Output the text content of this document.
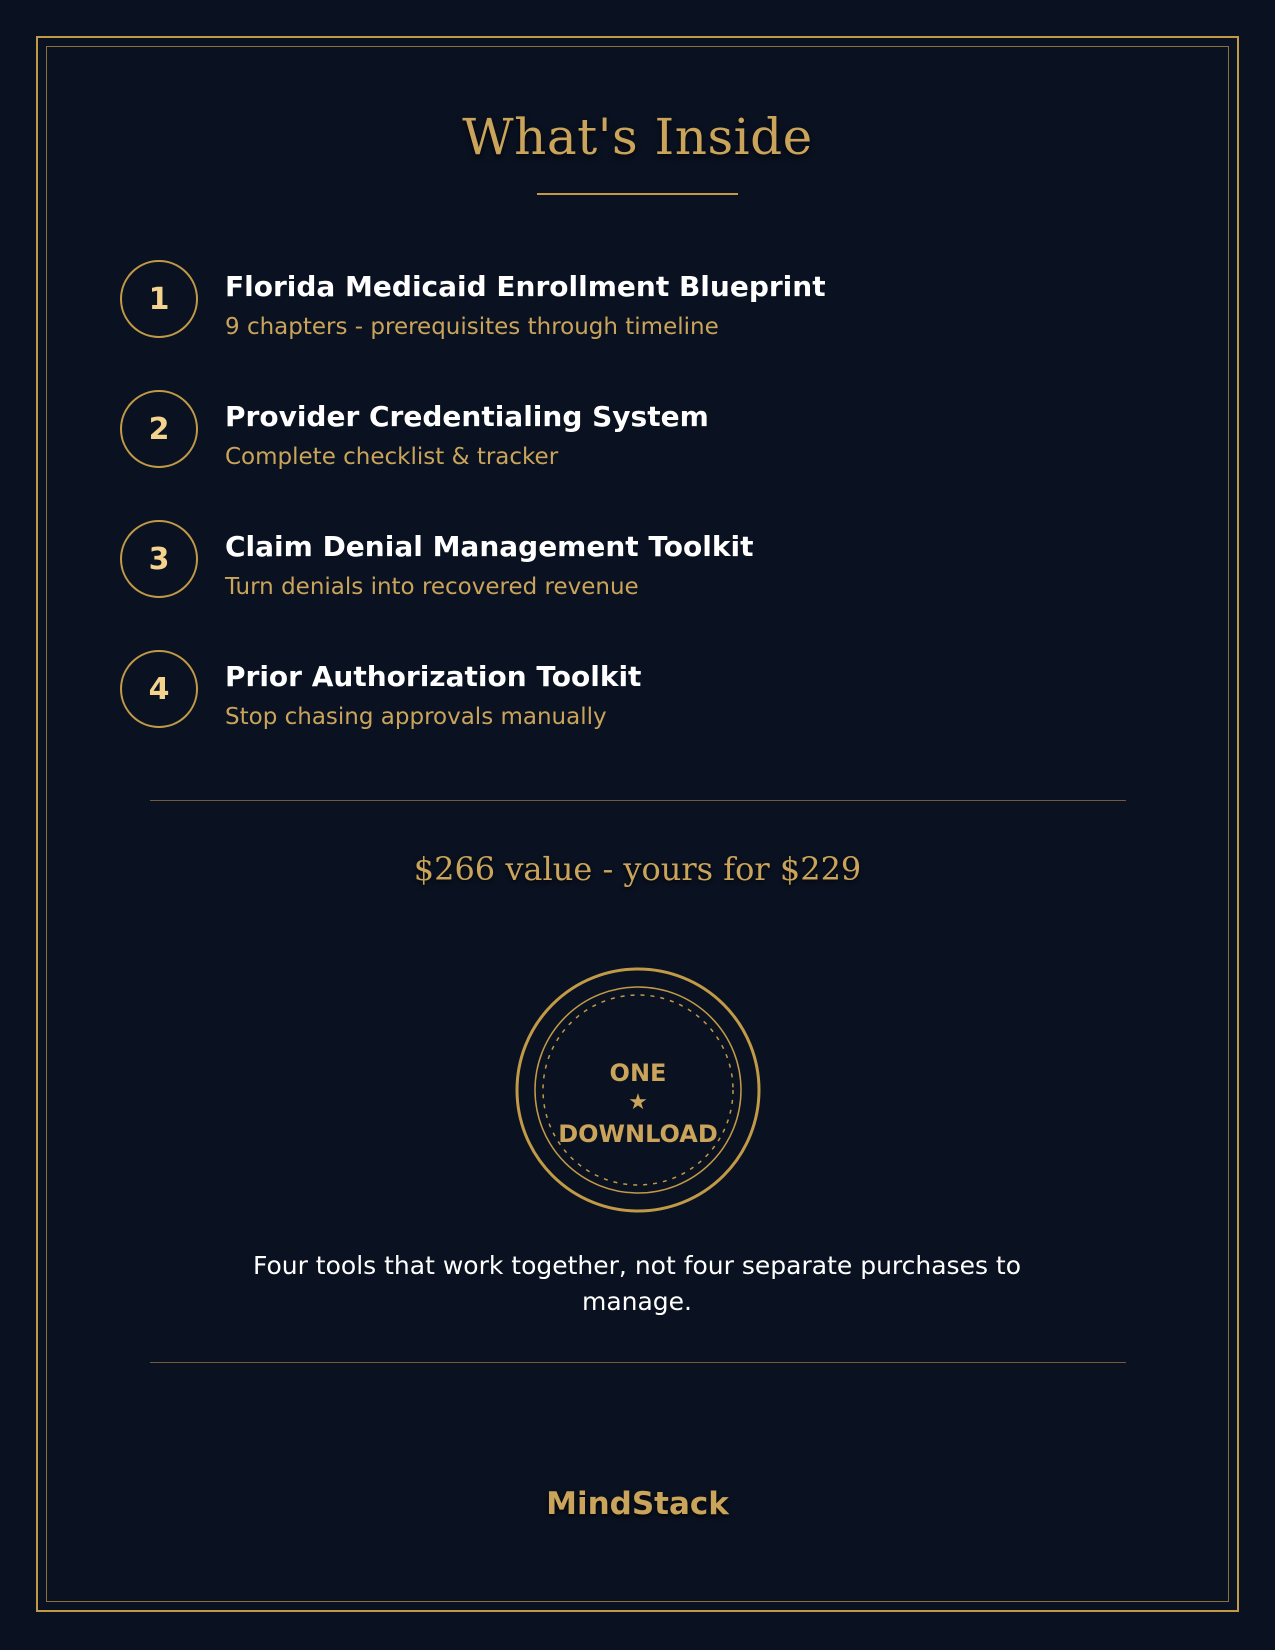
What's Inside
1	Florida Medicaid Enrollment Blueprint
9 chapters - prerequisites through timeline
2	Provider Credentialing System
Complete checklist & tracker
3	Claim Denial Management Toolkit
Turn denials into recovered revenue
4	Prior Authorization Toolkit
Stop chasing approvals manually
$266 value - yours for $229
ONE
★
DOWNLOAD
Four tools that work together, not four separate purchases to manage.
MindStack
